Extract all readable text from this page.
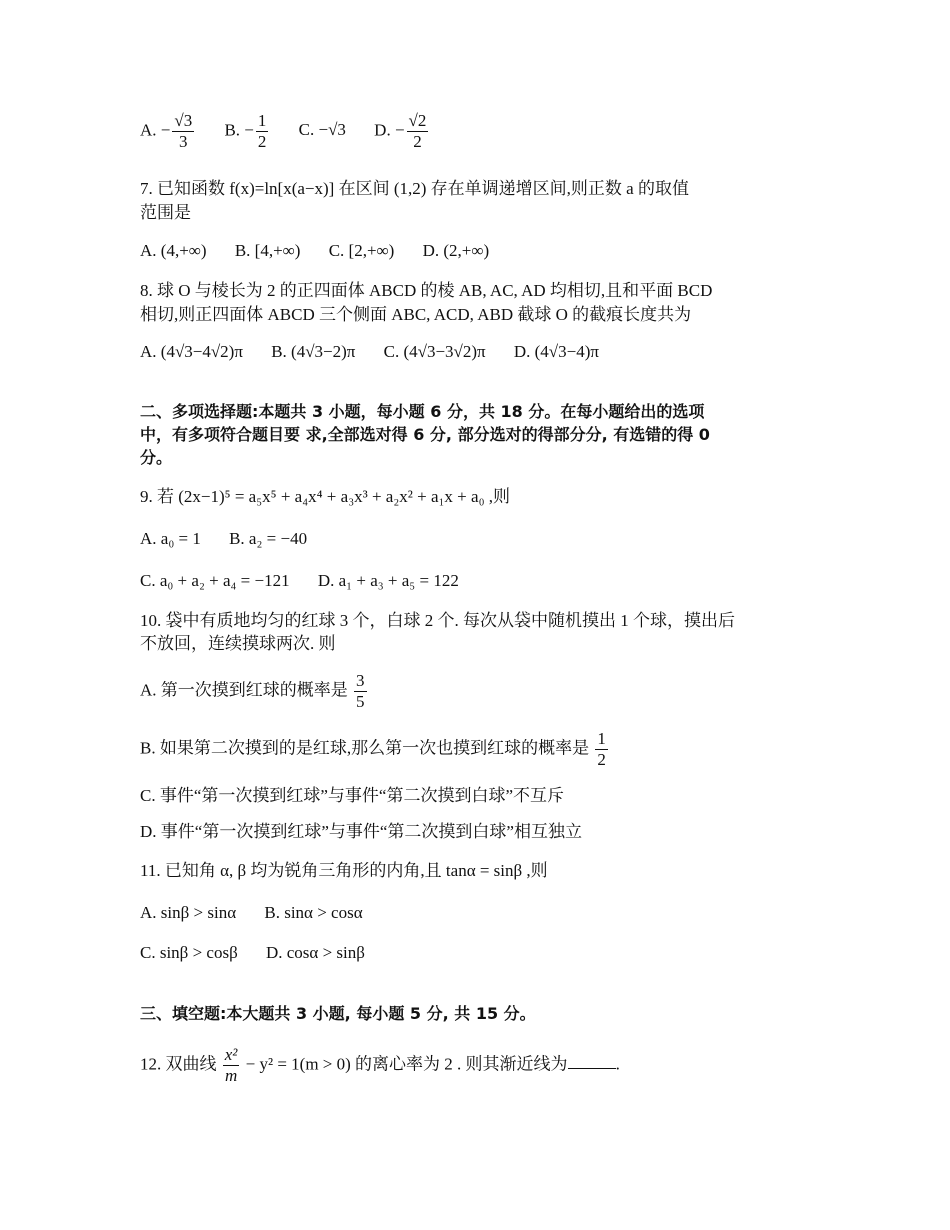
A. − $\frac{√3}{3} B$. − $\frac{1}{2} C$. −√3 D. − $\frac{√2}{2}$
7. 已知函数 f(x)=ln[x(a−x)] 在区间 (1,2) 存在单调递增区间,则正数 a 的取值
范围是
A. (4,+∞) B. [4,+∞) C. [2,+∞) D. (2,+∞)
8. 球 O 与棱长为 2 的正四面体 ABCD 的棱 AB, AC, AD 均相切,且和平面 BCD
相切,则正四面体 ABCD 三个侧面 ABC, ACD, ABD 截球 O 的截痕长度共为
A. (4√3−4√2)π B. (4√3−2)π C. (4√3−3√2)π D. (4√3−4)π
二、多项选择题:本题共 3 小题，每小题 6 分，共 18 分。在每小题给出的选项
中，有多项符合题目要 求,全部选对得 6 分, 部分选对的得部分分, 有选错的得 0
分。
9. 若 (2x−1)⁵ = a₅x⁵ + a₄x⁴ + a₃x³ + a₂x² + a₁x + a₀ ,则
A. a₀ = 1 B. a₂ = −40
C. a₀ + a₂ + a₄ = −121 D. a₁ + a₃ + a₅ = 122
10. 袋中有质地均匀的红球 3 个，白球 2 个. 每次从袋中随机摸出 1 个球，摸出后
不放回，连续摸球两次. 则
A. 第一次摸到红球的概率是 $\frac{3}{5}$
B. 如果第二次摸到的是红球,那么第一次也摸到红球的概率是 $\frac{1}{2}$
C. 事件“第一次摸到红球”与事件“第二次摸到白球”不互斥
D. 事件“第一次摸到红球”与事件“第二次摸到白球”相互独立
11. 已知角 α, β 均为锐角三角形的内角,且 tanα = sinβ ,则
A. sinβ > sinα B. sinα > cosα
C. sinβ > cosβ D. cosα > sinβ
三、填空题:本大题共 3 小题, 每小题 5 分, 共 15 分。
12. 双曲线 $\frac{\text{x²}}{m} - y^2 = 1(m > 0)$ 的离心率为 2 . 则其渐近线为	.
